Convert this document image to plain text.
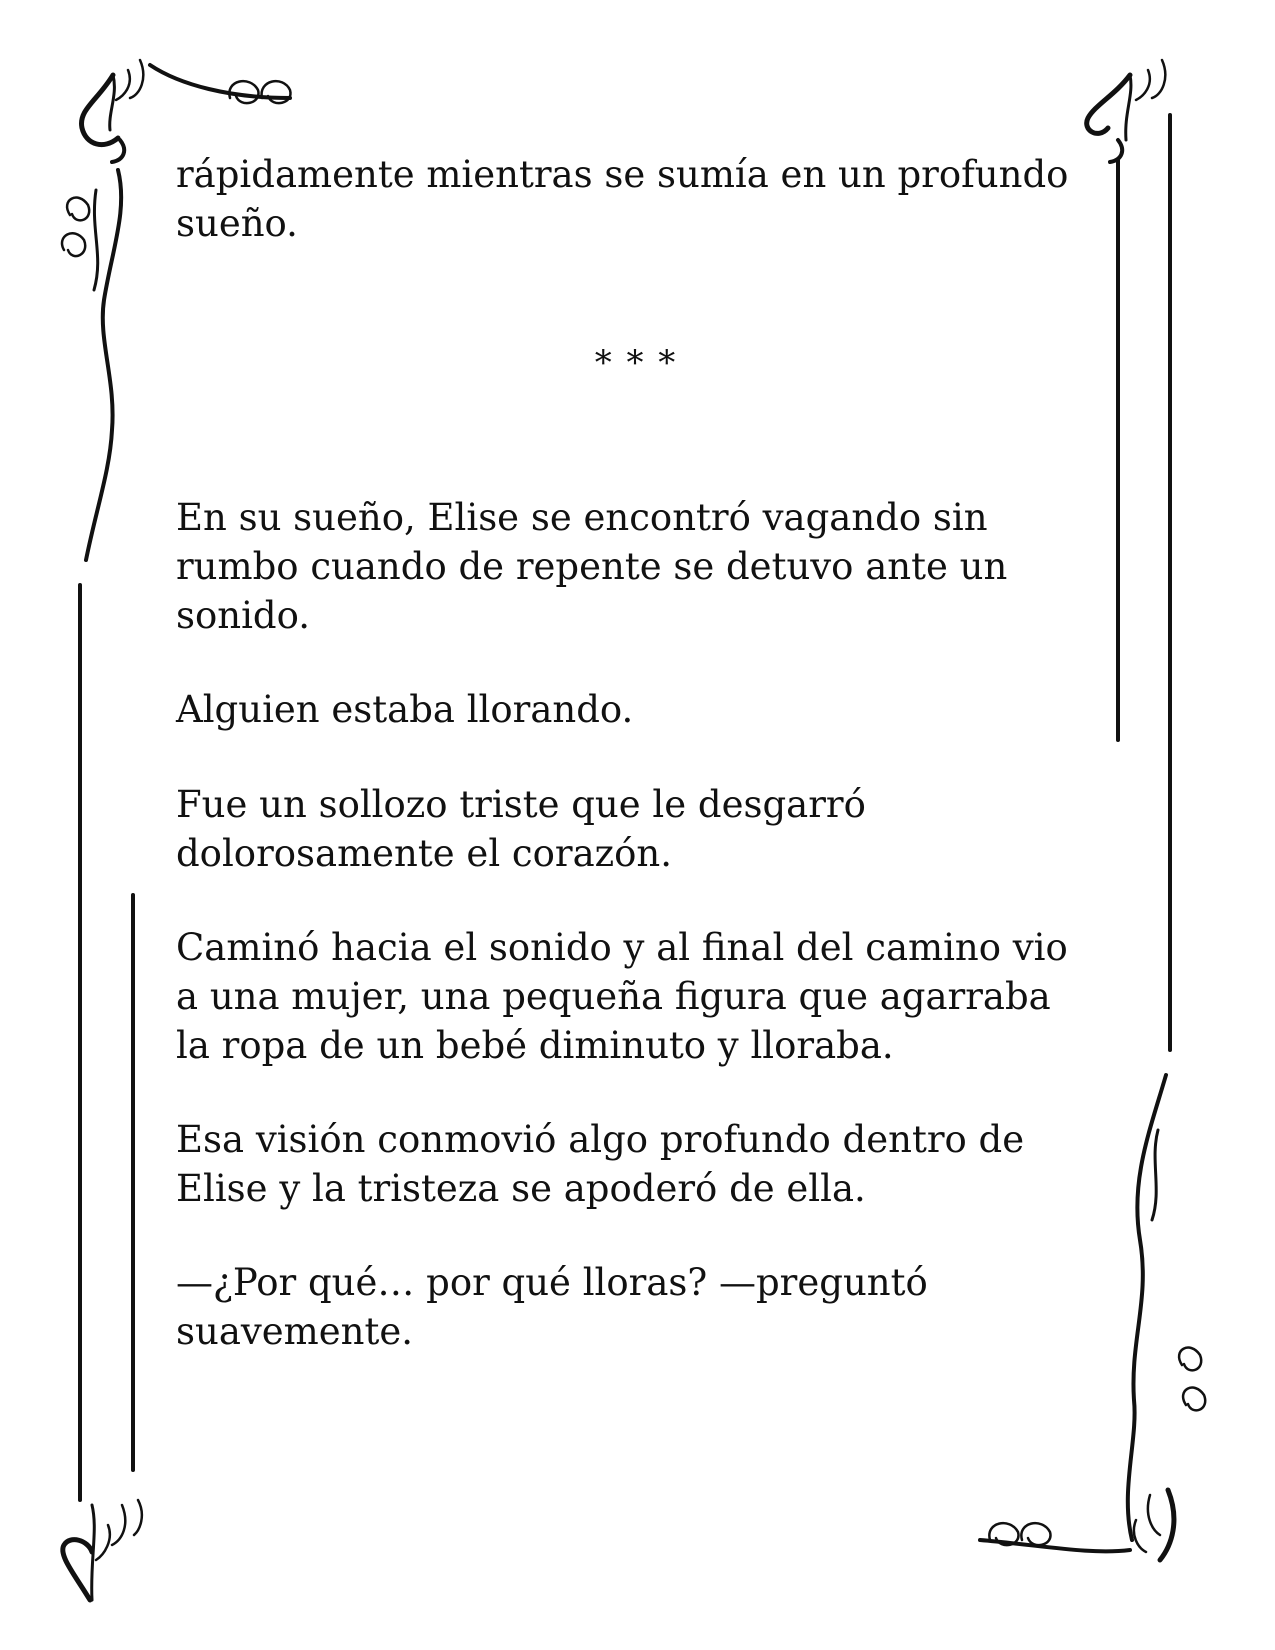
rápidamente mientras se sumía en un profundo

sueño.

* * *

En su sueño, Elise se encontró vagando sin

rumbo cuando de repente se detuvo ante un

sonido.

Alguien estaba llorando.

Fue un sollozo triste que le desgarró

dolorosamente el corazón.

Caminó hacia el sonido y al final del camino vio

a una mujer, una pequeña figura que agarraba

la ropa de un bebé diminuto y lloraba.

Esa visión conmovió algo profundo dentro de

Elise y la tristeza se apoderó de ella.

—¿Por qué… por qué lloras? —preguntó

suavemente.
